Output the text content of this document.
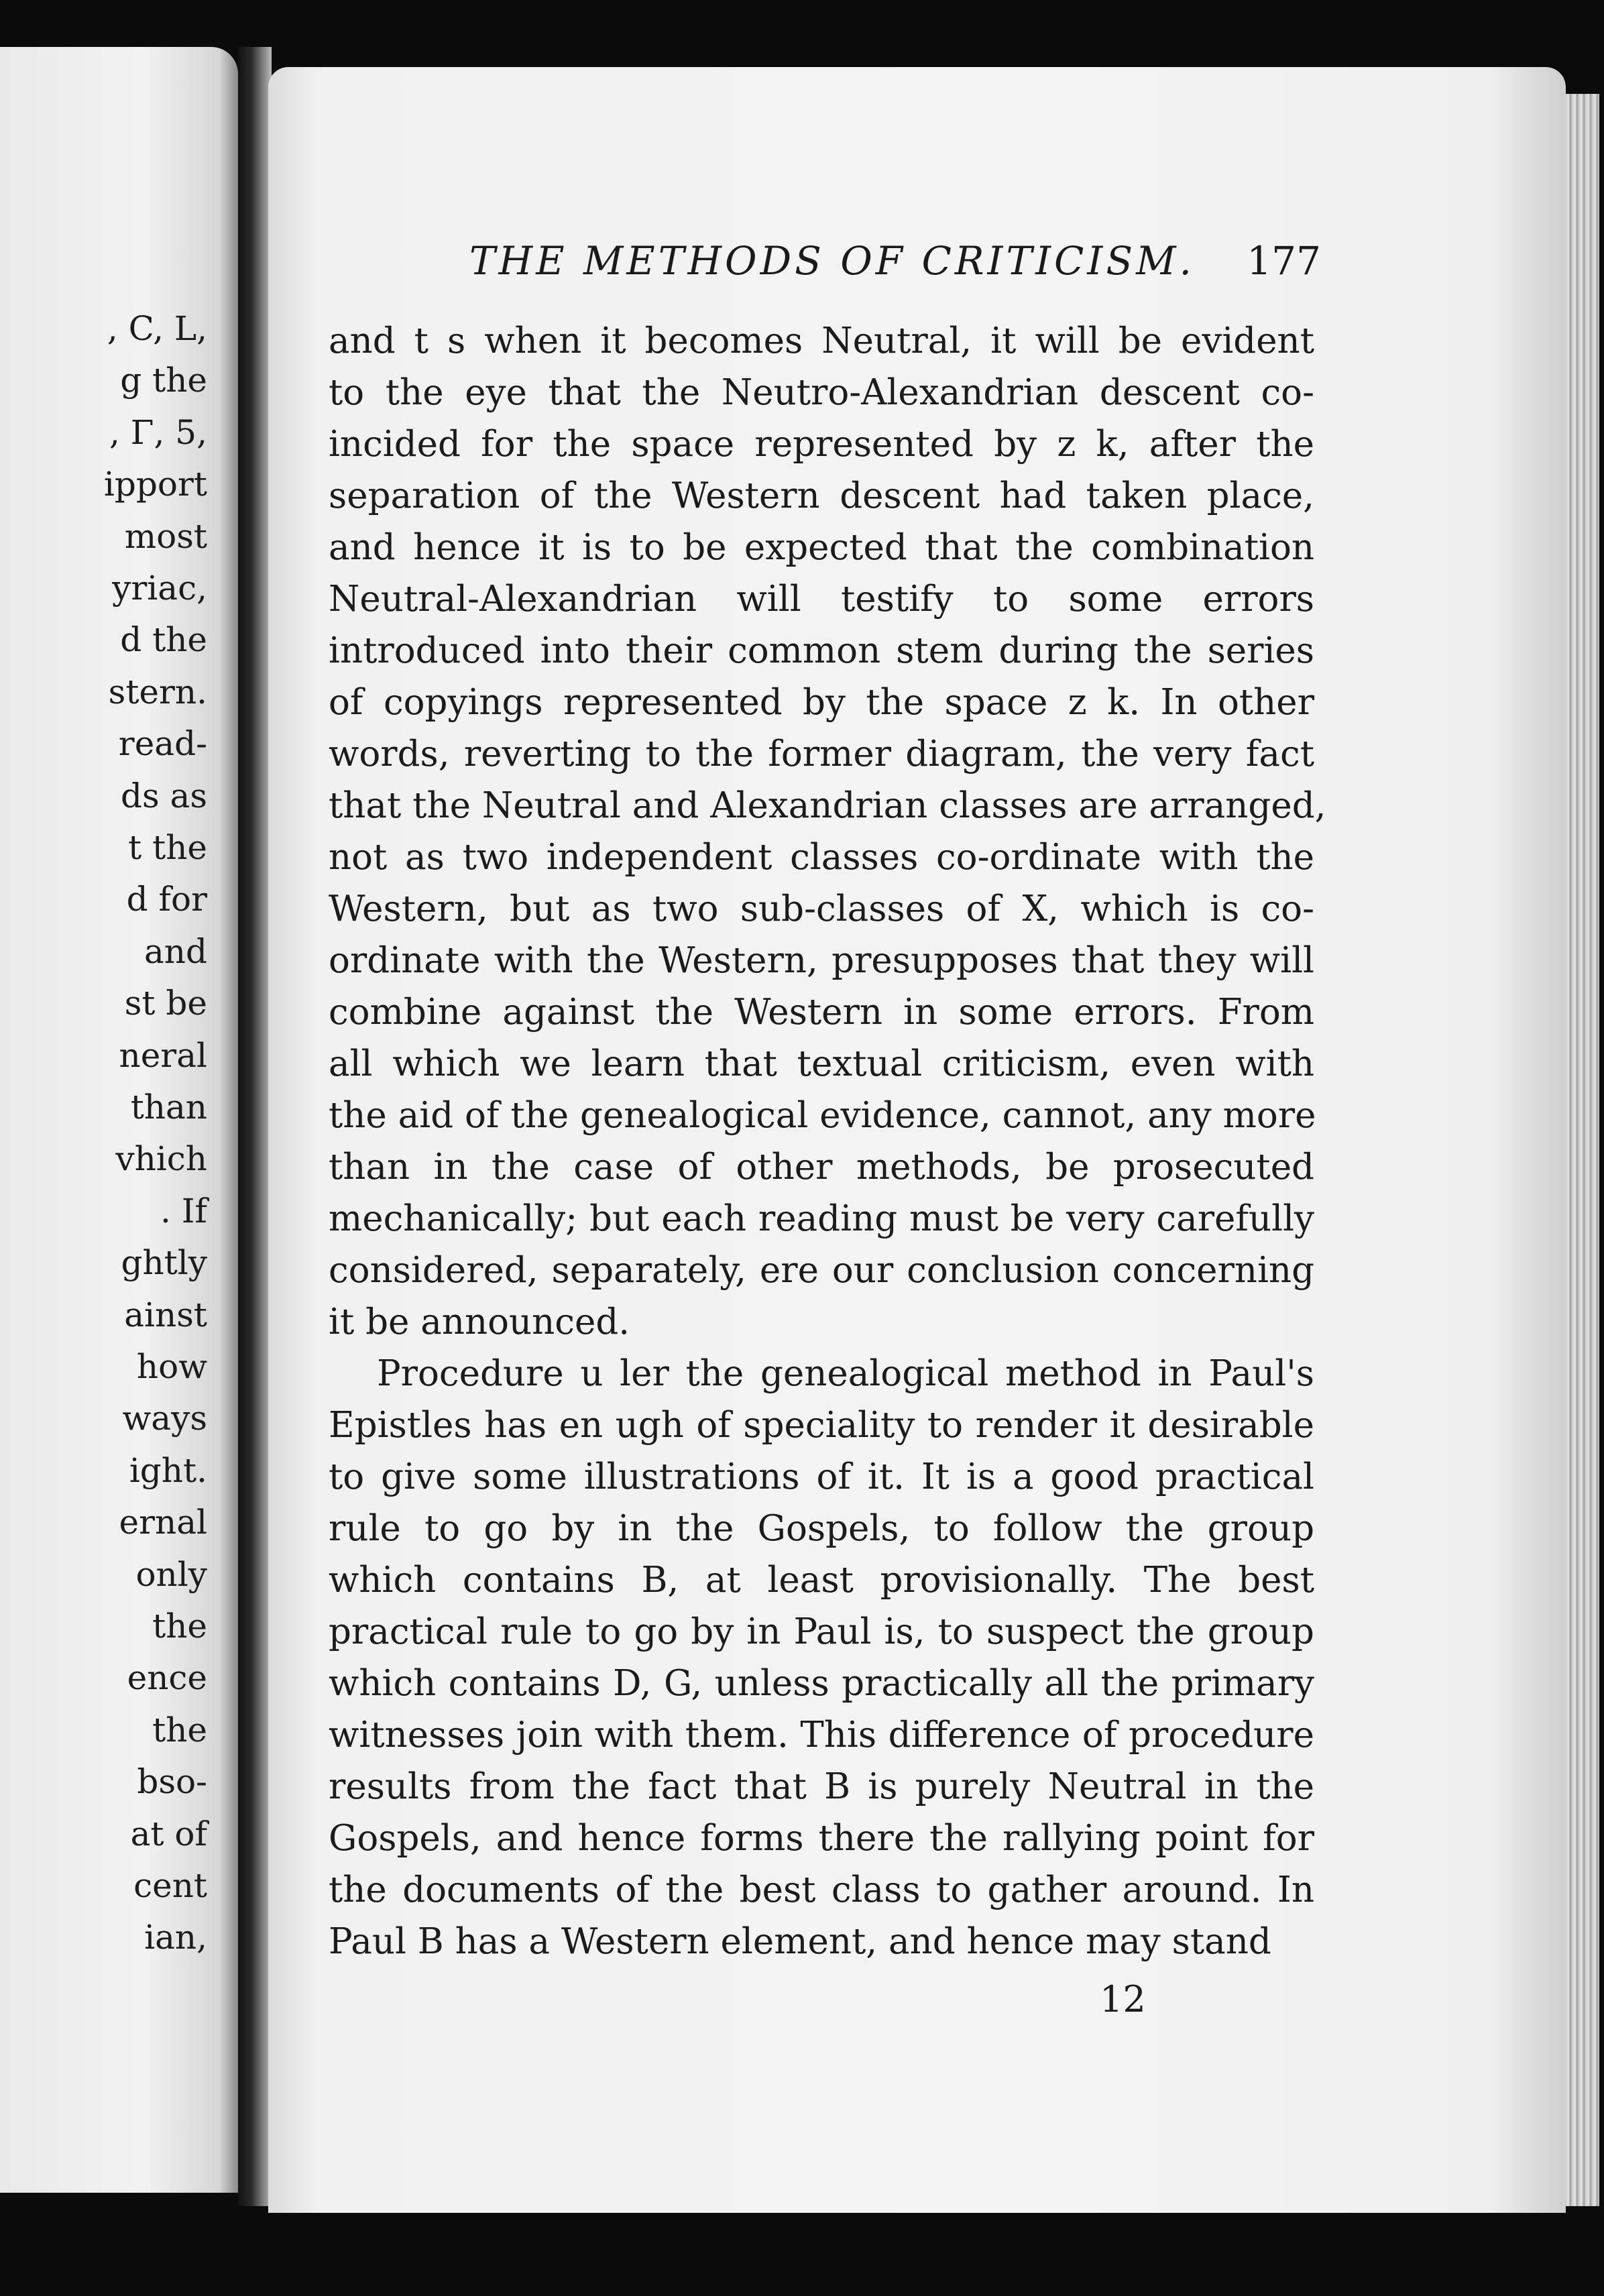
, C, L,
g the
, Γ, 5,
ipport
most
yriac,
d the
stern.
read-
ds as
t the
d for
and
st be
neral
than
vhich
. If
ghtly
ainst
how
ways
ight.
ernal
only
the
ence
the
bso-
at of
cent
ian,
THE METHODS OF CRITICISM. 177
and t s when it becomes Neutral, it will be evident
to the eye that the Neutro-Alexandrian descent co-
incided for the space represented by z k, after the
separation of the Western descent had taken place,
and hence it is to be expected that the combination
Neutral-Alexandrian will testify to some errors
introduced into their common stem during the series
of copyings represented by the space z k. In other
words, reverting to the former diagram, the very fact
that the Neutral and Alexandrian classes are arranged,
not as two independent classes co-ordinate with the
Western, but as two sub-classes of X, which is co-
ordinate with the Western, presupposes that they will
combine against the Western in some errors. From
all which we learn that textual criticism, even with
the aid of the genealogical evidence, cannot, any more
than in the case of other methods, be prosecuted
mechanically; but each reading must be very carefully
considered, separately, ere our conclusion concerning
it be announced.
Procedure u ler the genealogical method in Paul's
Epistles has en ugh of speciality to render it desirable
to give some illustrations of it. It is a good practical
rule to go by in the Gospels, to follow the group
which contains B, at least provisionally. The best
practical rule to go by in Paul is, to suspect the group
which contains D, G, unless practically all the primary
witnesses join with them. This difference of procedure
results from the fact that B is purely Neutral in the
Gospels, and hence forms there the rallying point for
the documents of the best class to gather around. In
Paul B has a Western element, and hence may stand
12
